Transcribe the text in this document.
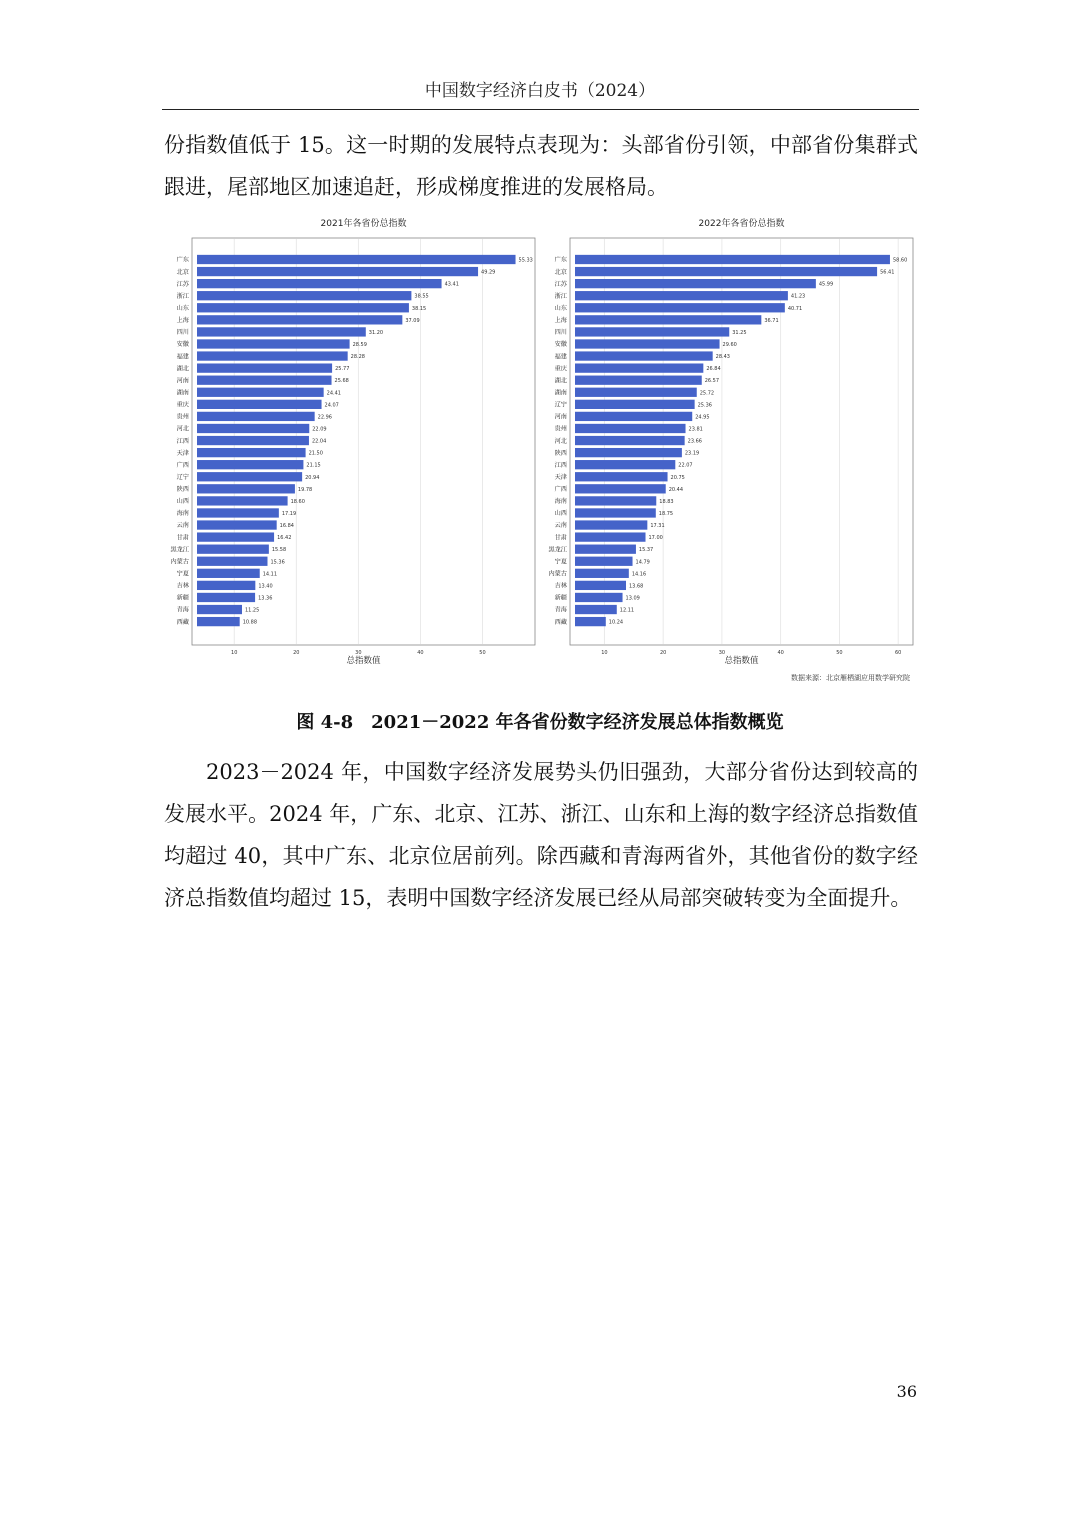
中国数字经济白皮书（2024）

份指数值低于 15。这一时期的发展特点表现为：头部省份引领，中部省份集群式跟进，尾部地区加速追赶，形成梯度推进的发展格局。

2021年各省份总指数
10	20	30	40	50
广东	55.33
北京	49.29
江苏	43.41
浙江	38.55
山东	38.15
上海	37.09
四川	31.20
安徽	28.59
福建	28.28
湖北	25.77
河南	25.68
湖南	24.41
重庆	24.07
贵州	22.96
河北	22.09
江西	22.04
天津	21.50
广西	21.15
辽宁	20.94
陕西	19.78
山西	18.60
海南	17.19
云南	16.84
甘肃	16.42
黑龙江	15.58
内蒙古	15.36
宁夏	14.11
吉林	13.40
新疆	13.36
青海	11.25
西藏	10.88
总指数值
2022年各省份总指数
10	20	30	40	50	60
广东	58.60
北京	56.41
江苏	45.99
浙江	41.23
山东	40.71
上海	36.71
四川	31.25
安徽	29.60
福建	28.43
重庆	26.84
湖北	26.57
湖南	25.72
辽宁	25.36
河南	24.95
贵州	23.81
河北	23.66
陕西	23.19
江西	22.07
天津	20.75
广西	20.44
海南	18.83
山西	18.75
云南	17.31
甘肃	17.00
黑龙江	15.37
宁夏	14.79
内蒙古	14.16
吉林	13.68
新疆	13.09
青海	12.11
西藏	10.24
总指数值
数据来源：北京雁栖湖应用数学研究院
图 4-8 2021－2022 年各省份数字经济发展总体指数概览

2023－2024 年，中国数字经济发展势头仍旧强劲，大部分省份达到较高的发展水平。2024 年，广东、北京、江苏、浙江、山东和上海的数字经济总指数值均超过 40，其中广东、北京位居前列。除西藏和青海两省外，其他省份的数字经济总指数值均超过 15，表明中国数字经济发展已经从局部突破转变为全面提升。

36
